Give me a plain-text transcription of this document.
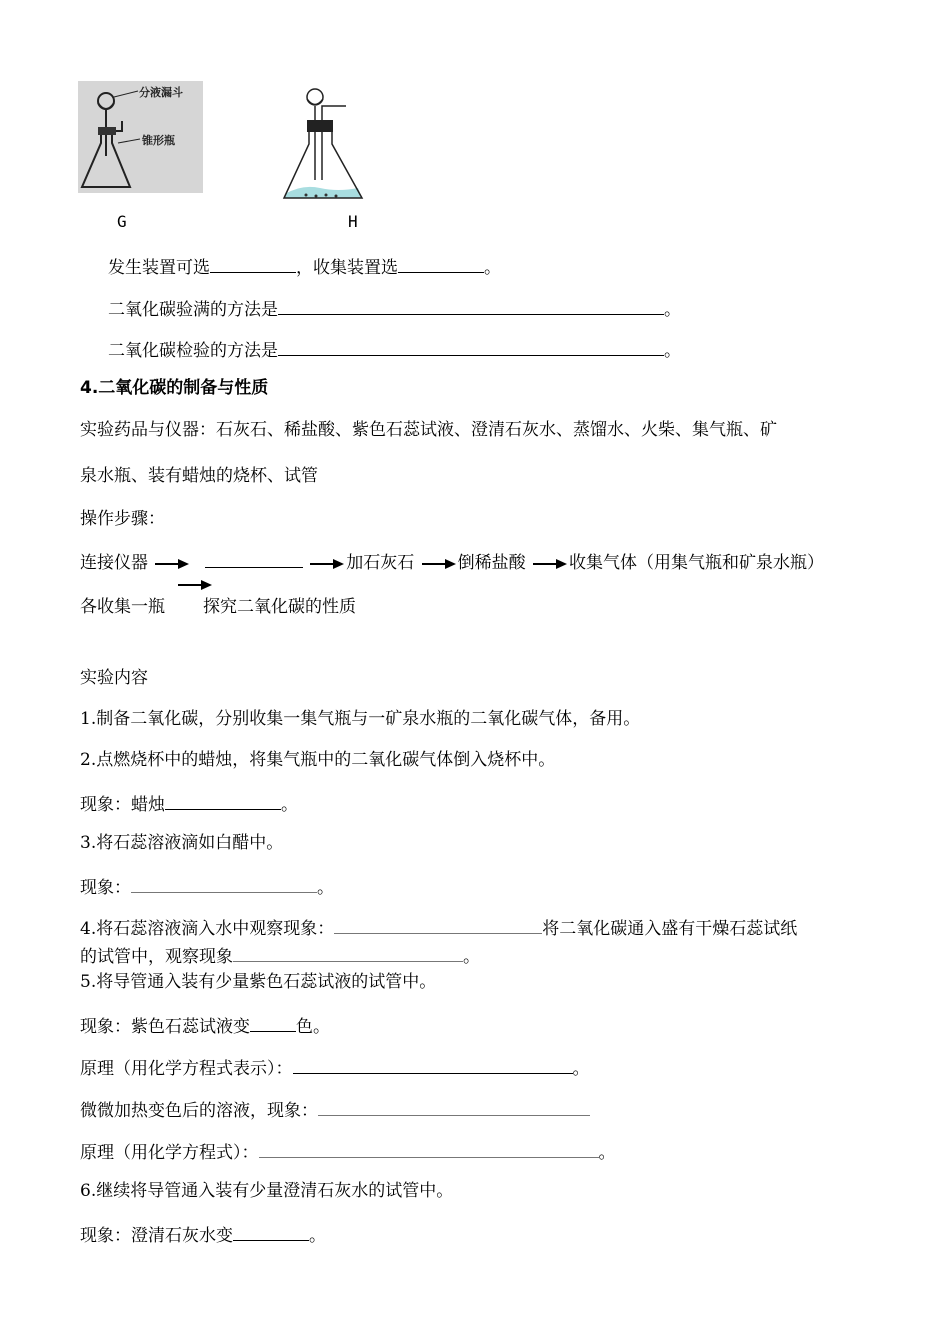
分液漏斗
锥形瓶
G	H
发生装置可选	，收集装置选	。
二氧化碳验满的方法是	。
二氧化碳检验的方法是	。
4.二氧化碳的制备与性质
实验药品与仪器：石灰石、稀盐酸、紫色石蕊试液、澄清石灰水、蒸馏水、火柴、集气瓶、矿
泉水瓶、装有蜡烛的烧杯、试管
操作步骤：
连接仪器	加石灰石	倒稀盐酸	收集气体（用集气瓶和矿泉水瓶）
各收集一瓶 探究二氧化碳的性质
实验内容
1.制备二氧化碳，分别收集一集气瓶与一矿泉水瓶的二氧化碳气体，备用。
2.点燃烧杯中的蜡烛，将集气瓶中的二氧化碳气体倒入烧杯中。
现象：蜡烛	。
3.将石蕊溶液滴如白醋中。
现象：	。
4.将石蕊溶液滴入水中观察现象：	将二氧化碳通入盛有干燥石蕊试纸
的试管中，观察现象	。
5.将导管通入装有少量紫色石蕊试液的试管中。
现象：紫色石蕊试液变	色。
原理（用化学方程式表示）：	。
微微加热变色后的溶液，现象：
原理（用化学方程式）：	。
6.继续将导管通入装有少量澄清石灰水的试管中。
现象：澄清石灰水变	。
